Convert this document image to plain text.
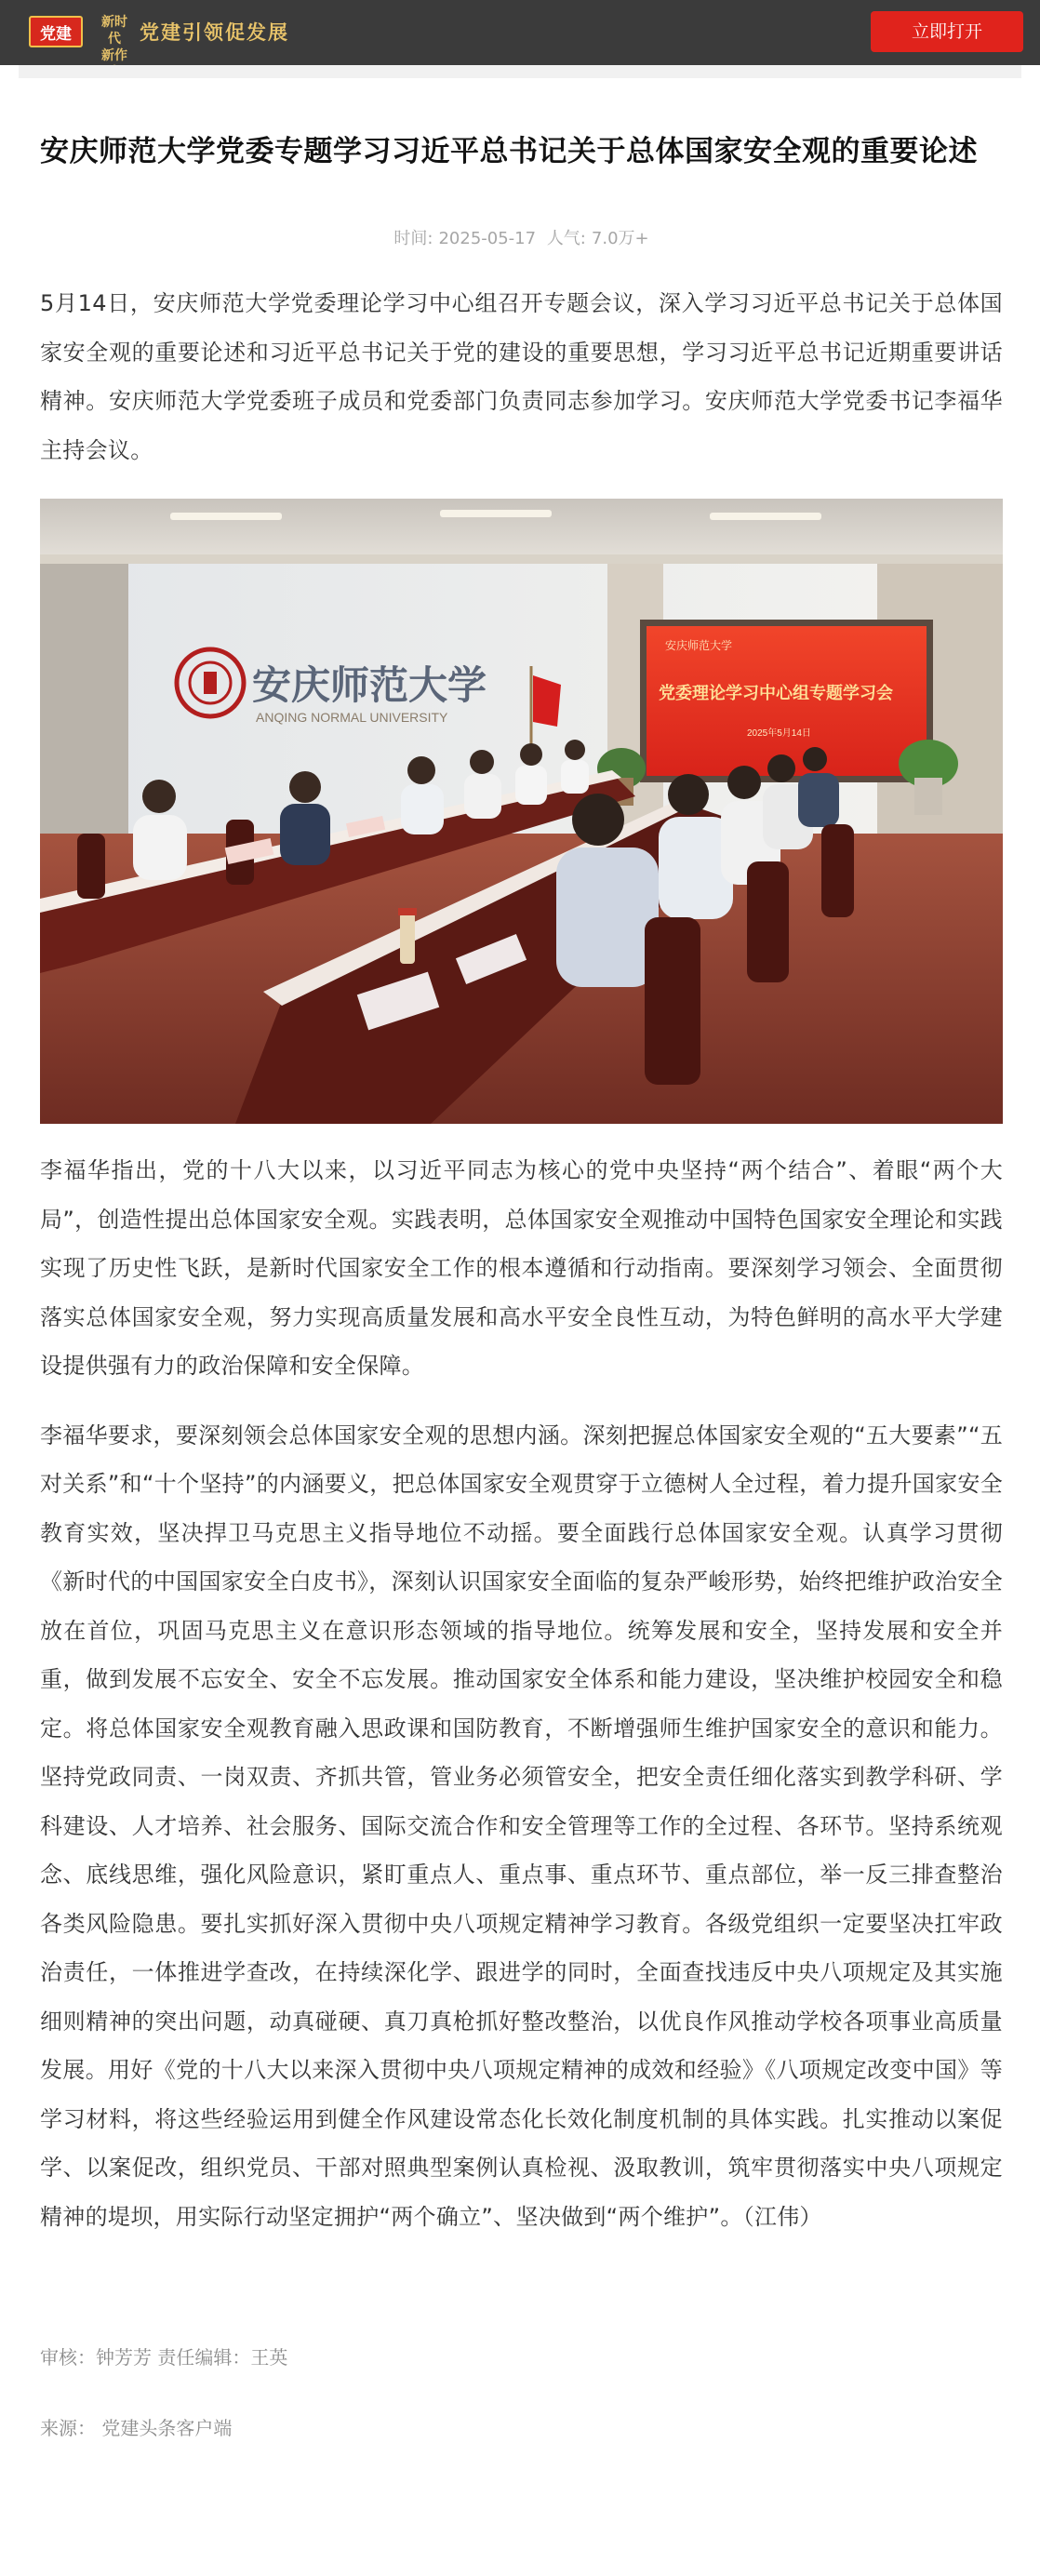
党建
新时代
新作
党建引领促发展	立即打开
安庆师范大学党委专题学习习近平总书记关于总体国家安全观的重要论述
时间: 2025-05-17 人气: 7.0万+

5月14日，安庆师范大学党委理论学习中心组召开专题会议，深入学习习近平总书记关于总体国家安全观的重要论述和习近平总书记关于党的建设的重要思想，学习习近平总书记近期重要讲话精神。安庆师范大学党委班子成员和党委部门负责同志参加学习。安庆师范大学党委书记李福华主持会议。

安庆师范大学
ANQING NORMAL UNIVERSITY
安庆师范大学
党委理论学习中心组专题学习会
2025年5月14日

李福华指出，党的十八大以来，以习近平同志为核心的党中央坚持“两个结合”、着眼“两个大局”，创造性提出总体国家安全观。实践表明，总体国家安全观推动中国特色国家安全理论和实践实现了历史性飞跃，是新时代国家安全工作的根本遵循和行动指南。要深刻学习领会、全面贯彻落实总体国家安全观，努力实现高质量发展和高水平安全良性互动，为特色鲜明的高水平大学建设提供强有力的政治保障和安全保障。

李福华要求，要深刻领会总体国家安全观的思想内涵。深刻把握总体国家安全观的“五大要素”“五对关系”和“十个坚持”的内涵要义，把总体国家安全观贯穿于立德树人全过程，着力提升国家安全教育实效，坚决捍卫马克思主义指导地位不动摇。要全面践行总体国家安全观。认真学习贯彻《新时代的中国国家安全白皮书》，深刻认识国家安全面临的复杂严峻形势，始终把维护政治安全放在首位，巩固马克思主义在意识形态领域的指导地位。统筹发展和安全，坚持发展和安全并重，做到发展不忘安全、安全不忘发展。推动国家安全体系和能力建设，坚决维护校园安全和稳定。将总体国家安全观教育融入思政课和国防教育，不断增强师生维护国家安全的意识和能力。坚持党政同责、一岗双责、齐抓共管，管业务必须管安全，把安全责任细化落实到教学科研、学科建设、人才培养、社会服务、国际交流合作和安全管理等工作的全过程、各环节。坚持系统观念、底线思维，强化风险意识，紧盯重点人、重点事、重点环节、重点部位，举一反三排查整治各类风险隐患。要扎实抓好深入贯彻中央八项规定精神学习教育。各级党组织一定要坚决扛牢政治责任，一体推进学查改，在持续深化学、跟进学的同时，全面查找违反中央八项规定及其实施细则精神的突出问题，动真碰硬、真刀真枪抓好整改整治，以优良作风推动学校各项事业高质量发展。用好《党的十八大以来深入贯彻中央八项规定精神的成效和经验》《八项规定改变中国》等学习材料，将这些经验运用到健全作风建设常态化长效化制度机制的具体实践。扎实推动以案促学、以案促改，组织党员、干部对照典型案例认真检视、汲取教训，筑牢贯彻落实中央八项规定精神的堤坝，用实际行动坚定拥护“两个确立”、坚决做到“两个维护”。（江伟）

审核：钟芳芳 责任编辑：王英
来源： 党建头条客户端
